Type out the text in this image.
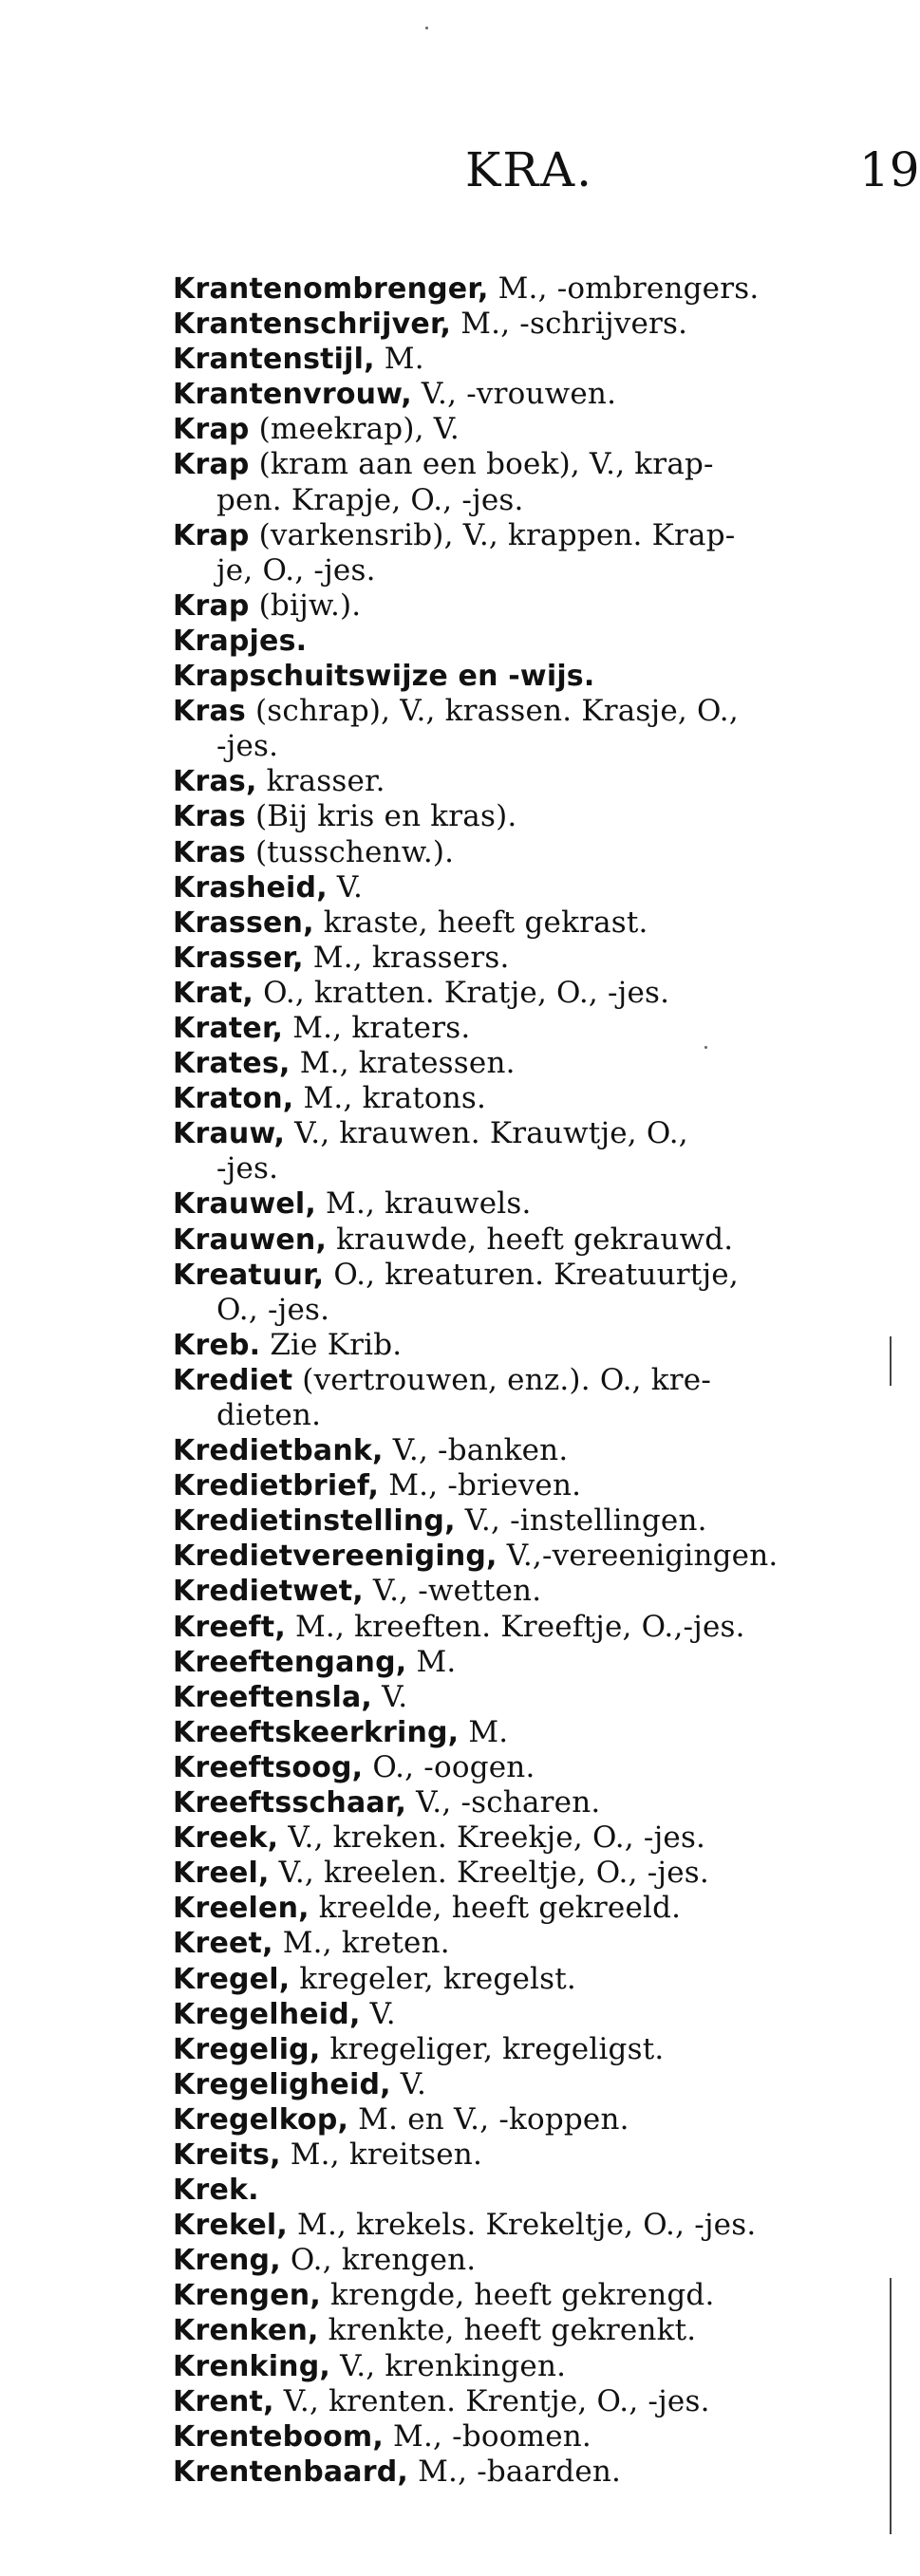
KRA.	19
Krantenombrenger, M., -ombrengers.
Krantenschrijver, M., -schrijvers.
Krantenstijl, M.
Krantenvrouw, V., -vrouwen.
Krap (meekrap), V.
Krap (kram aan een boek), V., krap-
pen. Krapje, O., -jes.
Krap (varkensrib), V., krappen. Krap-
je, O., -jes.
Krap (bijw.).
Krapjes.
Krapschuitswijze en -wijs.
Kras (schrap), V., krassen. Krasje, O.,
-jes.
Kras, krasser.
Kras (Bij kris en kras).
Kras (tusschenw.).
Krasheid, V.
Krassen, kraste, heeft gekrast.
Krasser, M., krassers.
Krat, O., kratten. Kratje, O., -jes.
Krater, M., kraters.
Krates, M., kratessen.
Kraton, M., kratons.
Krauw, V., krauwen. Krauwtje, O.,
-jes.
Krauwel, M., krauwels.
Krauwen, krauwde, heeft gekrauwd.
Kreatuur, O., kreaturen. Kreatuurtje,
O., -jes.
Kreb. Zie Krib.
Krediet (vertrouwen, enz.). O., kre-
dieten.
Kredietbank, V., -banken.
Kredietbrief, M., -brieven.
Kredietinstelling, V., -instellingen.
Kredietvereeniging, V.,-vereenigingen.
Kredietwet, V., -wetten.
Kreeft, M., kreeften. Kreeftje, O.,-jes.
Kreeftengang, M.
Kreeftensla, V.
Kreeftskeerkring, M.
Kreeftsoog, O., -oogen.
Kreeftsschaar, V., -scharen.
Kreek, V., kreken. Kreekje, O., -jes.
Kreel, V., kreelen. Kreeltje, O., -jes.
Kreelen, kreelde, heeft gekreeld.
Kreet, M., kreten.
Kregel, kregeler, kregelst.
Kregelheid, V.
Kregelig, kregeliger, kregeligst.
Kregeligheid, V.
Kregelkop, M. en V., -koppen.
Kreits, M., kreitsen.
Krek.
Krekel, M., krekels. Krekeltje, O., -jes.
Kreng, O., krengen.
Krengen, krengde, heeft gekrengd.
Krenken, krenkte, heeft gekrenkt.
Krenking, V., krenkingen.
Krent, V., krenten. Krentje, O., -jes.
Krenteboom, M., -boomen.
Krentenbaard, M., -baarden.
